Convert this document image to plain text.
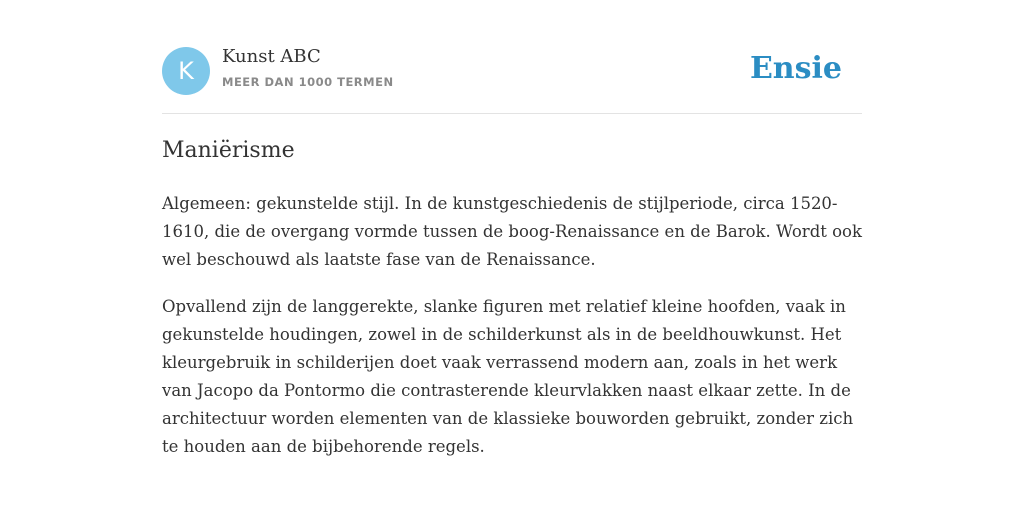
K
Kunst ABC
MEER DAN 1000 TERMEN	Ensie
Maniërisme

Algemeen: gekunstelde stijl. In de kunstgeschiedenis de stijlperiode, circa 1520-1610, die de overgang vormde tussen de boog-Renaissance en de Barok. Wordt ook wel beschouwd als laatste fase van de Renaissance.

Opvallend zijn de langgerekte, slanke figuren met relatief kleine hoofden, vaak in gekunstelde houdingen, zowel in de schilderkunst als in de beeldhouwkunst. Het kleurgebruik in schilderijen doet vaak verrassend modern aan, zoals in het werk van Jacopo da Pontormo die contrasterende kleurvlakken naast elkaar zette. In de architectuur worden elementen van de klassieke bouworden gebruikt, zonder zich te houden aan de bijbehorende regels.
